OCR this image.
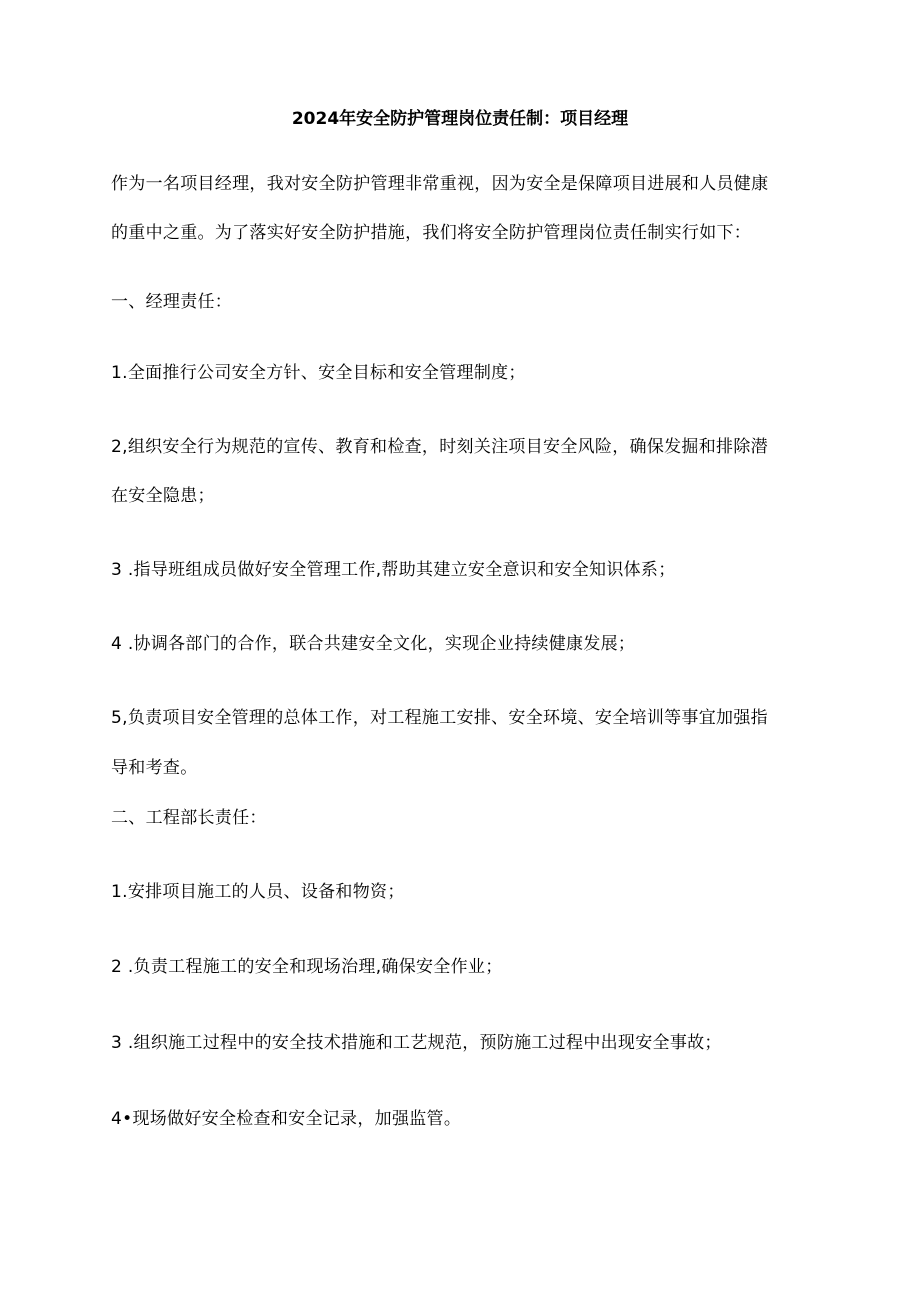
2024年安全防护管理岗位责任制：项目经理
作为一名项目经理，我对安全防护管理非常重视，因为安全是保障项目进展和人员健康
的重中之重。为了落实好安全防护措施，我们将安全防护管理岗位责任制实行如下：
一、经理责任：
1.全面推行公司安全方针、安全目标和安全管理制度；
2,组织安全行为规范的宣传、教育和检查，时刻关注项目安全风险，确保发掘和排除潜
在安全隐患；
3 .指导班组成员做好安全管理工作,帮助其建立安全意识和安全知识体系；
4 .协调各部门的合作，联合共建安全文化，实现企业持续健康发展；
5,负责项目安全管理的总体工作，对工程施工安排、安全环境、安全培训等事宜加强指
导和考查。
二、工程部长责任：
1.安排项目施工的人员、设备和物资；
2 .负责工程施工的安全和现场治理,确保安全作业；
3 .组织施工过程中的安全技术措施和工艺规范，预防施工过程中出现安全事故；
4•现场做好安全检查和安全记录，加强监管。
